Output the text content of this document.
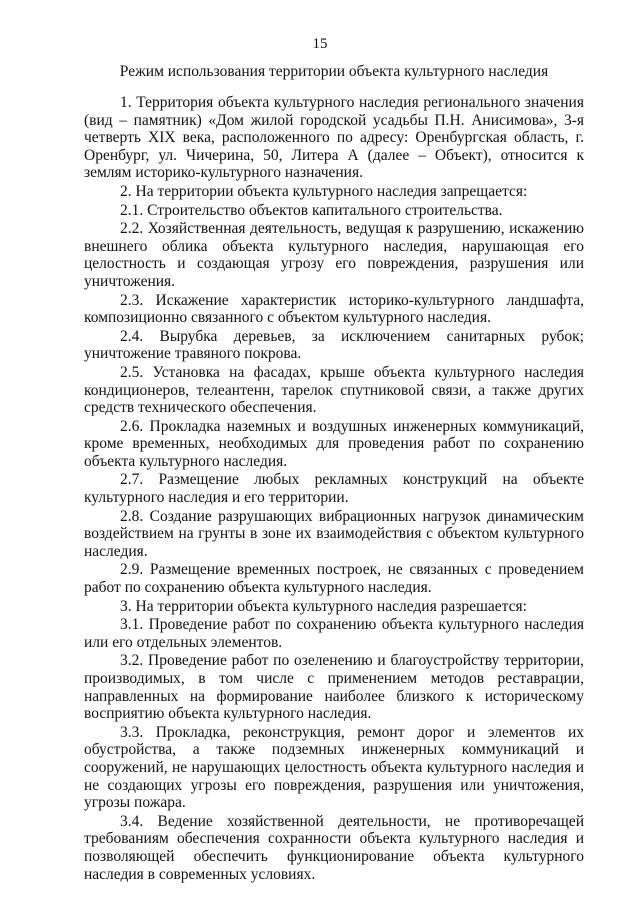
15
Режим использования территории объекта культурного наследия

1. Территория объекта культурного наследия регионального значения (вид – памятник) «Дом жилой городской усадьбы П.Н. Анисимова», 3-я четверть XIX века, расположенного по адресу: Оренбургская область, г. Оренбург, ул. Чичерина, 50, Литера А (далее – Объект), относится к землям историко-культурного назначения.

2. На территории объекта культурного наследия запрещается:

2.1. Строительство объектов капитального строительства.

2.2. Хозяйственная деятельность, ведущая к разрушению, искажению внешнего облика объекта культурного наследия, нарушающая его целостность и создающая угрозу его повреждения, разрушения или уничтожения.

2.3. Искажение характеристик историко-культурного ландшафта, композиционно связанного с объектом культурного наследия.

2.4. Вырубка деревьев, за исключением санитарных рубок; уничтожение травяного покрова.

2.5. Установка на фасадах, крыше объекта культурного наследия кондиционеров, телеантенн, тарелок спутниковой связи, а также других средств технического обеспечения.

2.6. Прокладка наземных и воздушных инженерных коммуникаций, кроме временных, необходимых для проведения работ по сохранению объекта культурного наследия.

2.7. Размещение любых рекламных конструкций на объекте культурного наследия и его территории.

2.8. Создание разрушающих вибрационных нагрузок динамическим воздействием на грунты в зоне их взаимодействия с объектом культурного наследия.

2.9. Размещение временных построек, не связанных с проведением работ по сохранению объекта культурного наследия.

3. На территории объекта культурного наследия разрешается:

3.1. Проведение работ по сохранению объекта культурного наследия или его отдельных элементов.

3.2. Проведение работ по озеленению и благоустройству территории, производимых, в том числе с применением методов реставрации, направленных на формирование наиболее близкого к историческому восприятию объекта культурного наследия.

3.3. Прокладка, реконструкция, ремонт дорог и элементов их обустройства, а также подземных инженерных коммуникаций и сооружений, не нарушающих целостность объекта культурного наследия и не создающих угрозы его повреждения, разрушения или уничтожения, угрозы пожара.

3.4. Ведение хозяйственной деятельности, не противоречащей требованиям обеспечения сохранности объекта культурного наследия и позволяющей обеспечить функционирование объекта культурного наследия в современных условиях.
